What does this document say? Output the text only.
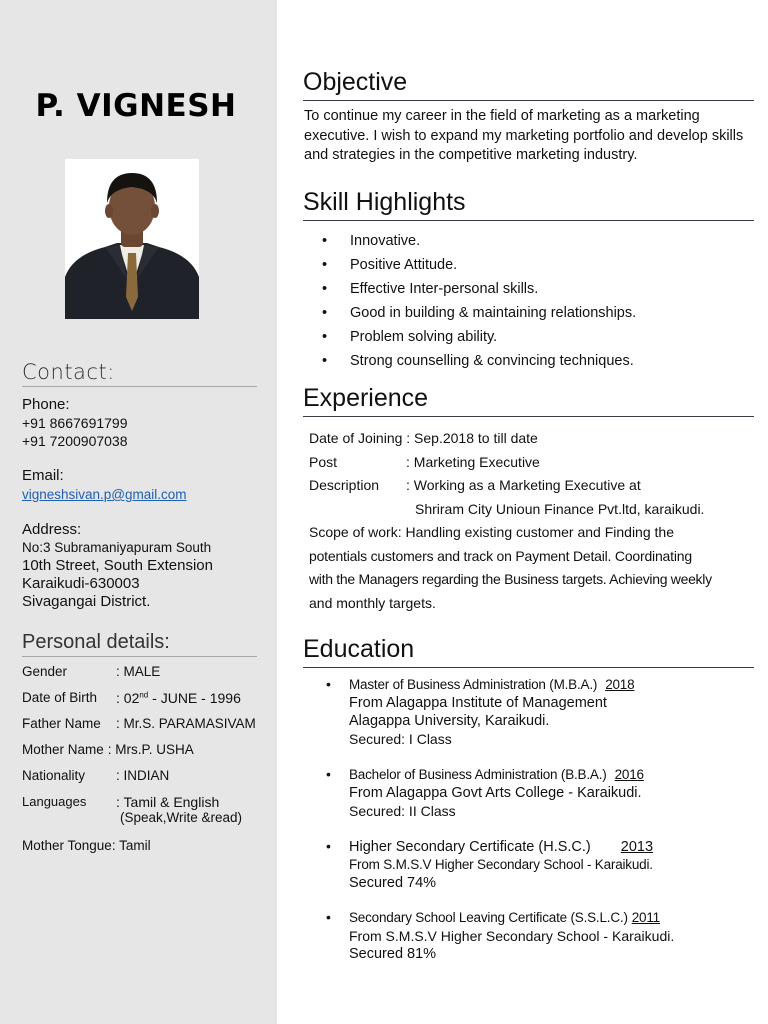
P. VIGNESH
Contact:
Phone:
+91 8667691799
+91 7200907038
Email:
vigneshsivan.p@gmail.com
Address:
No:3 Subramaniyapuram South
10th Street, South Extension
Karaikudi-630003
Sivagangai District.
Personal details:
Gender	: MALE
Date of Birth	: 02nd - JUNE - 1996
Father Name	: Mr.S. PARAMASIVAM
Mother Name : Mrs.P. USHA
Nationality	: INDIAN
Languages	: Tamil & English
(Speak,Write &read)
Mother Tongue : Tamil
Objective
To continue my career in the field of marketing as a marketing
executive. I wish to expand my marketing portfolio and develop skills
and strategies in the competitive marketing industry.
Skill Highlights
• Innovative.
• Positive Attitude.
• Effective Inter-personal skills.
• Good in building & maintaining relationships.
• Problem solving ability.
• Strong counselling & convincing techniques.
Experience
Date of Joining : Sep.2018 to till date
Post	: Marketing Executive
Description : Working as a Marketing Executive at
Shriram City Unioun Finance Pvt.ltd, karaikudi.
Scope of work: Handling existing customer and Finding the
potentials customers and track on Payment Detail. Coordinating
with the Managers regarding the Business targets. Achieving weekly
and monthly targets.
Education
• Master of Business Administration (M.B.A.) 2018
From Alagappa Institute of Management
Alagappa University, Karaikudi.
Secured: I Class
• Bachelor of Business Administration (B.B.A.) 2016
From Alagappa Govt Arts College - Karaikudi.
Secured: II Class
• Higher Secondary Certificate (H.S.C.) 2013
From S.M.S.V Higher Secondary School - Karaikudi.
Secured 74%
• Secondary School Leaving Certificate (S.S.L.C.) 2011
From S.M.S.V Higher Secondary School - Karaikudi.
Secured 81%
